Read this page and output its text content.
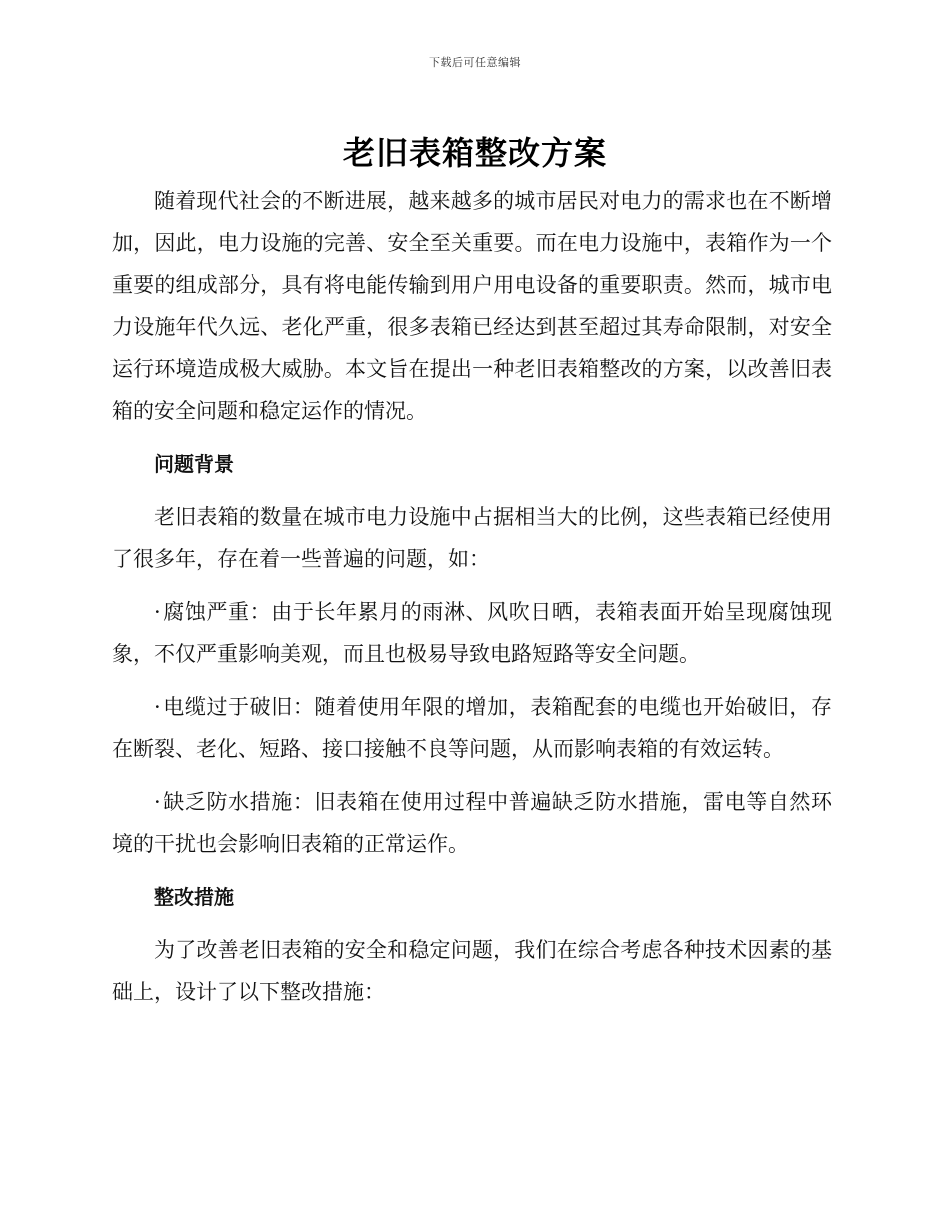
下载后可任意编辑
老旧表箱整改方案

随着现代社会的不断进展，越来越多的城市居民对电力的需求也在不断增加，因此，电力设施的完善、安全至关重要。而在电力设施中，表箱作为一个重要的组成部分，具有将电能传输到用户用电设备的重要职责。然而，城市电力设施年代久远、老化严重，很多表箱已经达到甚至超过其寿命限制，对安全运行环境造成极大威胁。本文旨在提出一种老旧表箱整改的方案，以改善旧表箱的安全问题和稳定运作的情况。

问题背景

老旧表箱的数量在城市电力设施中占据相当大的比例，这些表箱已经使用了很多年，存在着一些普遍的问题，如：

·腐蚀严重：由于长年累月的雨淋、风吹日晒，表箱表面开始呈现腐蚀现象，不仅严重影响美观，而且也极易导致电路短路等安全问题。

·电缆过于破旧：随着使用年限的增加，表箱配套的电缆也开始破旧，存在断裂、老化、短路、接口接触不良等问题，从而影响表箱的有效运转。

·缺乏防水措施：旧表箱在使用过程中普遍缺乏防水措施，雷电等自然环境的干扰也会影响旧表箱的正常运作。

整改措施

为了改善老旧表箱的安全和稳定问题，我们在综合考虑各种技术因素的基础上，设计了以下整改措施：
